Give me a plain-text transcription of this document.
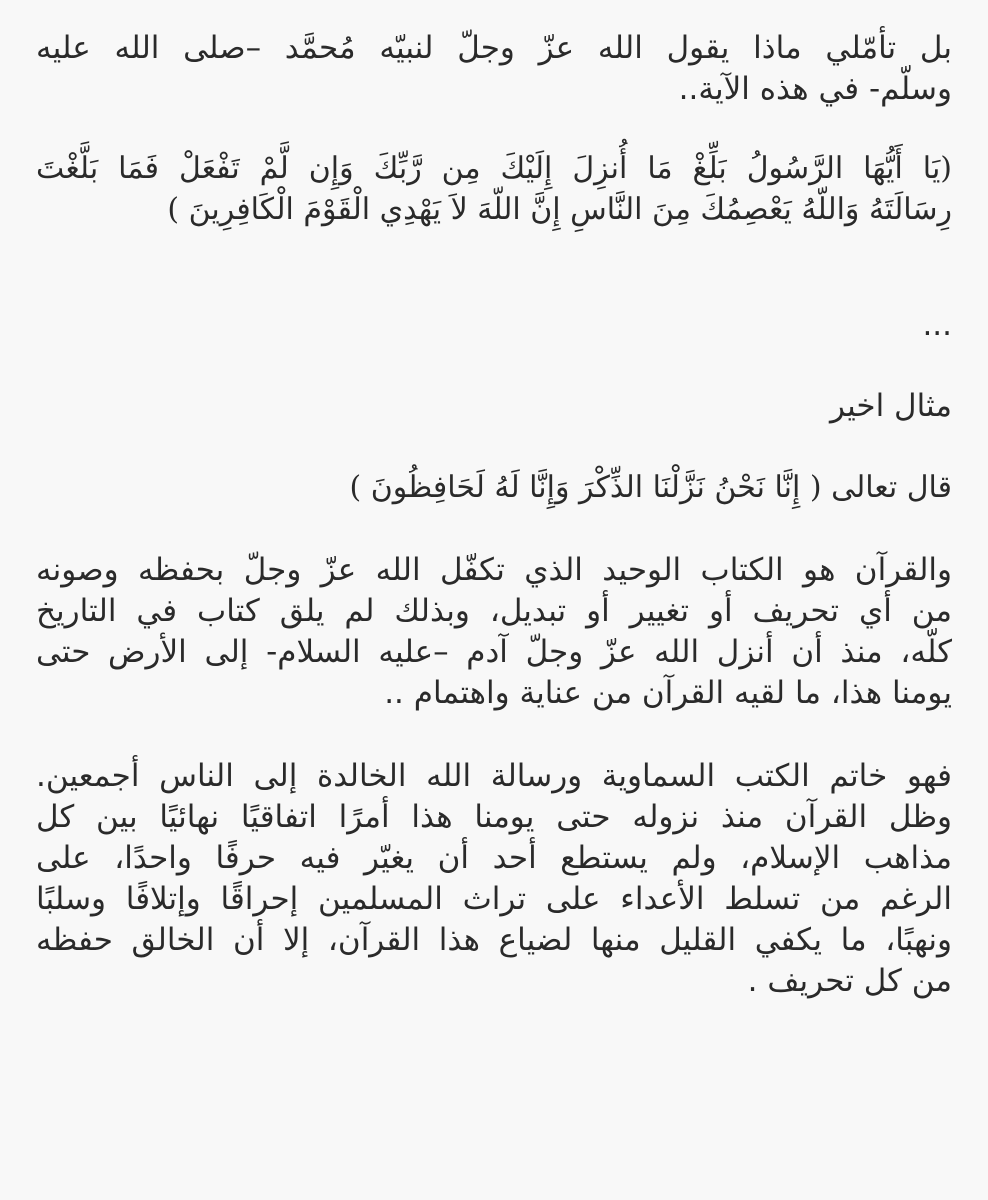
بل تأمّلي ماذا يقول الله عزّ وجلّ لنبيّه مُحمَّد –صلى الله عليه
وسلّم- في هذه الآية..

(يَا أَيُّهَا الرَّسُولُ بَلِّغْ مَا أُنزِلَ إِلَيْكَ مِن رَّبِّكَ وَإِن لَّمْ تَفْعَلْ فَمَا بَلَّغْتَ
رِسَالَتَهُ وَاللّهُ يَعْصِمُكَ مِنَ النَّاسِ إِنَّ اللّهَ لاَ يَهْدِي الْقَوْمَ الْكَافِرِينَ )

...

مثال اخير

قال تعالى ( إِنَّا نَحْنُ نَزَّلْنَا الذِّكْرَ وَإِنَّا لَهُ لَحَافِظُونَ )

والقرآن هو الكتاب الوحيد الذي تكفّل الله عزّ وجلّ بحفظه وصونه
من أي تحريف أو تغيير أو تبديل، وبذلك لم يلق كتاب في التاريخ
كلّه، منذ أن أنزل الله عزّ وجلّ آدم –عليه السلام- إلى الأرض حتى
يومنا هذا، ما لقيه القرآن من عناية واهتمام ..

فهو خاتم الكتب السماوية ورسالة الله الخالدة إلى الناس أجمعين.
وظل القرآن منذ نزوله حتى يومنا هذا أمرًا اتفاقيًا نهائيًا بين كل
مذاهب الإسلام، ولم يستطع أحد أن يغيّر فيه حرفًا واحدًا، على
الرغم من تسلط الأعداء على تراث المسلمين إحراقًا وإتلافًا وسلبًا
ونهبًا، ما يكفي القليل منها لضياع هذا القرآن، إلا أن الخالق حفظه
من كل تحريف .
